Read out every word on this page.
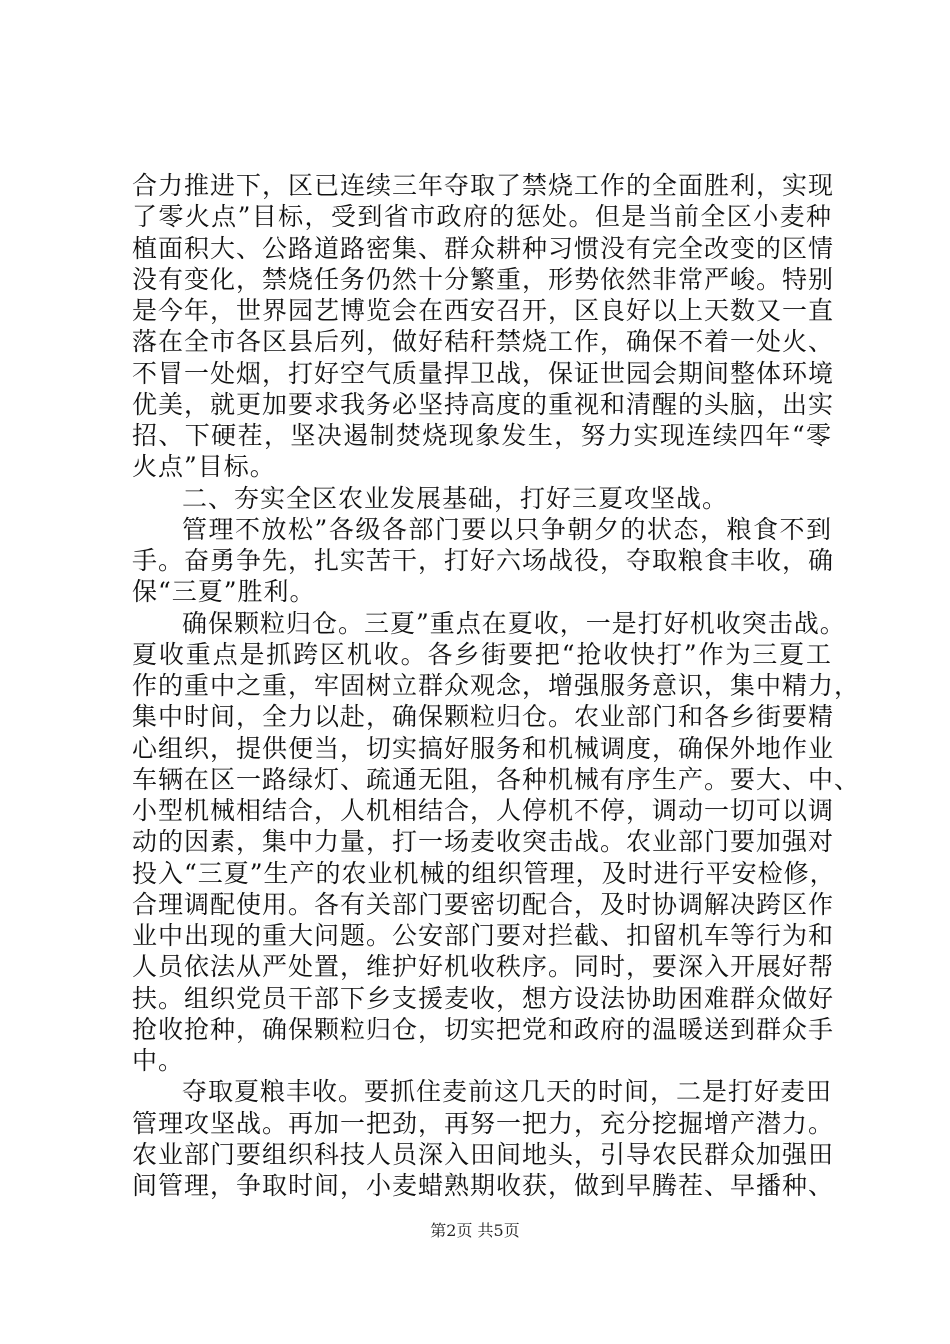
合力推进下，区已连续三年夺取了禁烧工作的全面胜利，实现
了零火点”目标，受到省市政府的惩处。但是当前全区小麦种
植面积大、公路道路密集、群众耕种习惯没有完全改变的区情
没有变化，禁烧任务仍然十分繁重，形势依然非常严峻。特别
是今年，世界园艺博览会在西安召开，区良好以上天数又一直
落在全市各区县后列，做好秸秆禁烧工作，确保不着一处火、
不冒一处烟，打好空气质量捍卫战，保证世园会期间整体环境
优美，就更加要求我务必坚持高度的重视和清醒的头脑，出实
招、下硬茬，坚决遏制焚烧现象发生，努力实现连续四年“零
火点”目标。
二、夯实全区农业发展基础，打好三夏攻坚战。
管理不放松”各级各部门要以只争朝夕的状态，粮食不到
手。奋勇争先，扎实苦干，打好六场战役，夺取粮食丰收，确
保“三夏”胜利。
确保颗粒归仓。三夏”重点在夏收，一是打好机收突击战。
夏收重点是抓跨区机收。各乡街要把“抢收快打”作为三夏工
作的重中之重，牢固树立群众观念，增强服务意识，集中精力，
集中时间，全力以赴，确保颗粒归仓。农业部门和各乡街要精
心组织，提供便当，切实搞好服务和机械调度，确保外地作业
车辆在区一路绿灯、疏通无阻，各种机械有序生产。要大、中、
小型机械相结合，人机相结合，人停机不停，调动一切可以调
动的因素，集中力量，打一场麦收突击战。农业部门要加强对
投入“三夏”生产的农业机械的组织管理，及时进行平安检修，
合理调配使用。各有关部门要密切配合，及时协调解决跨区作
业中出现的重大问题。公安部门要对拦截、扣留机车等行为和
人员依法从严处置，维护好机收秩序。同时，要深入开展好帮
扶。组织党员干部下乡支援麦收，想方设法协助困难群众做好
抢收抢种，确保颗粒归仓，切实把党和政府的温暖送到群众手
中。
夺取夏粮丰收。要抓住麦前这几天的时间，二是打好麦田
管理攻坚战。再加一把劲，再努一把力，充分挖掘增产潜力。
农业部门要组织科技人员深入田间地头，引导农民群众加强田
间管理，争取时间，小麦蜡熟期收获，做到早腾茬、早播种、
第2页 共5页
